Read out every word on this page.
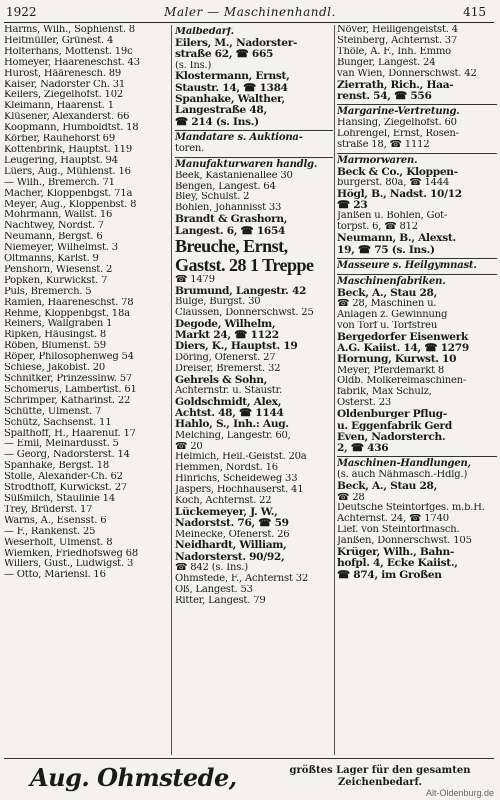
1922	Maler — Maschinenhandl.	415
Harms, Wilh., Sophienst. 8
Heitmüller, Grünest. 4
Holterhans, Mottenst. 19c
Homeyer, Haareneschst. 43
Hurost, Häärenesch. 89
Kaiser, Nadorster Ch. 31
Keilers, Ziegelhofst. 102
Kleimann, Haarenst. 1
Klüsener, Alexanderst. 66
Koopmann, Humboldtst. 18
Körber, Rauhehorst 69
Kottenbrink, Hauptst. 119
Leugering, Hauptst. 94
Lüers, Aug., Mühlenst. 16
— Wilh., Bremerch. 71
Macher, Kloppenbgst. 71a
Meyer, Aug., Kloppenbst. 8
Mohrmann, Wallst. 16
Nachtwey, Nordst. 7
Neumann, Bergst. 6
Niemeyer, Wilhelmst. 3
Oltmanns, Karlst. 9
Penshorn, Wiesenst. 2
Popken, Kurwickst. 7
Puls, Bremerch. 5
Ramien, Haareneschst. 78
Rehme, Kloppenbgst. 18a
Reiners, Wallgraben 1
Ripken, Häusingst. 8
Röben, Blumenst. 59
Röper, Philosophenweg 54
Schiese, Jakobist. 20
Schnitker, Prinzessinw. 57
Schomerus, Lambertist. 61
Schrimper, Katharinst. 22
Schütte, Ulmenst. 7
Schütz, Sachsenst. 11
Spalthoff, H., Haarenuf. 17
— Emil, Meinardusst. 5
— Georg, Nadorsterst. 14
Spanhake, Bergst. 18
Stolle, Alexander-Ch. 62
Strodthoff, Kurwickst. 27
Süßmilch, Staulinie 14
Trey, Brüderst. 17
Warns, A., Esensst. 6
— F., Rankenst. 25
Weserholt, Ulmenst. 8
Wiemken, Friedhofsweg 68
Willers, Gust., Ludwigst. 3
— Otto, Mariensl. 16
Malbedarf.
Eilers, M., Nadorster-
straße 62, ☎ 665
(s. Ins.)
Klostermann, Ernst,
Staustr. 14, ☎ 1384
Spanhake, Walther,
Langestraße 48,
☎ 214 (s. Ins.)
Mandatare s. Auktiona-
toren.
Manufakturwaren handlg.
Beek, Kastanienallee 30
Bengen, Langest. 64
Bley, Schulst. 2
Bohlen, Johannisst 33
Brandt & Grashorn,
Langest. 6, ☎ 1654
Breuche, Ernst,
Gastst. 28 1 Treppe
☎ 1479
Brumund, Langestr. 42
Bulge, Burgst. 30
Claussen, Donnerschwst. 25
Degode, Wilhelm,
Markt 24, ☎ 1122
Diers, K., Hauptst. 19
Döring, Ofenerst. 27
Dreiser, Bremerst. 32
Gehrels & Sohn,
Achternstr. u. Staustr.
Goldschmidt, Alex,
Achtst. 48, ☎ 1144
Hahlo, S., Inh.: Aug.
Melching, Langestr. 60,
☎ 20
Helmich, Heil.-Geistst. 20a
Hemmen, Nordst. 16
Hinrichs, Scheideweg 33
Jaspers, Hochhauserst. 41
Koch, Achternst. 22
Lückemeyer, J. W.,
Nadorstst. 76, ☎ 59
Meinecke, Ofenerst. 26
Neidhardt, William,
Nadorsterst. 90/92,
☎ 842 (s. Ins.)
Ohmstede, F., Achternst 32
Oß, Langest. 53
Ritter, Langest. 79
Növer, Heiligengeistst. 4
Steinberg, Achternst. 37
Thöle, A. F., Inh. Emmo
Bunger, Langest. 24
van Wien, Donnerschwst. 42
Zierrath, Rich., Haa-
renst. 54, ☎ 556
Margarine-Vertretung.
Hansing, Ziegelhofst. 60
Lohrengel, Ernst, Rosen-
straße 18, ☎ 1112
Marmorwaren.
Beck & Co., Kloppen-
burgerst. 80a, ☎ 1444
Högl, B., Nadst. 10/12
☎ 23
Janßen u. Bohlen, Got-
torpst. 6, ☎ 812
Neumann, B., Alexst.
19, ☎ 75 (s. Ins.)
Masseure s. Heilgymnast.
Maschinenfabriken.
Beck, A., Stau 28,
☎ 28, Maschinen u.
Anlagen z. Gewinnung
von Torf u. Torfstreu
Bergedorfer Eisenwerk
A.G. Kaiist. 14, ☎ 1279
Hornung, Kurwst. 10
Meyer, Pferdemarkt 8
Oldb. Molkereimaschinen-
fabrik, Max Schulz,
Osterst. 23
Oldenburger Pflug-
u. Eggenfabrik Gerd
Even, Nadorsterch.
2, ☎ 436
Maschinen-Handlungen,
(s. auch Nähmasch.-Hdlg.)
Beck, A., Stau 28,
☎ 28
Deutsche Steintorfges. m.b.H.
Achternst. 24, ☎ 1740
Lief. von Steintorfmasch.
Janßen, Donnerschwst. 105
Krüger, Wilh., Bahn-
hofpl. 4, Ecke Kaiist.,
☎ 874, im Großen
Aug. Ohmstede,	größtes Lager für den gesamten
Zeichenbedarf.
Alt-Oldenburg.de
